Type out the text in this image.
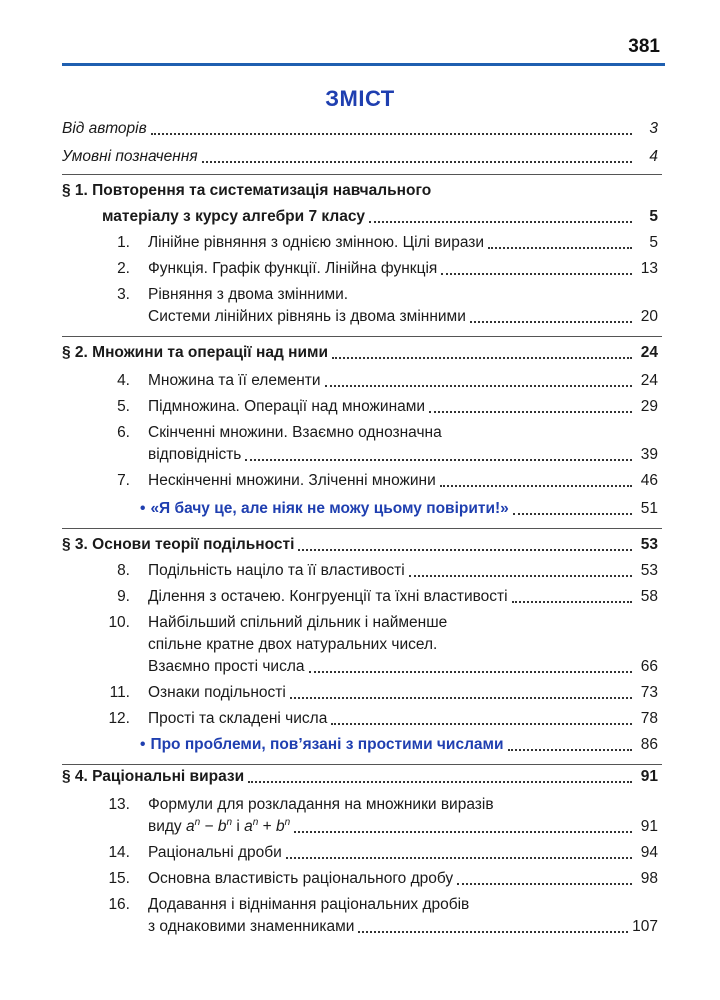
381
ЗМІСТ
Від авторів	3
Умовні позначення	4
§ 1. Повторення та систематизація навчального
матеріалу з курсу алгебри 7 класу	5
1. Лінійне рівняння з однією змінною. Цілі вирази	5
2. Функція. Графік функції. Лінійна функція	13
3. Рівняння з двома змінними.
Системи лінійних рівнянь із двома змінними	20
§ 2. Множини та операції над ними	24
4. Множина та її елементи	24
5. Підмножина. Операції над множинами	29
6. Скінченні множини. Взаємно однозначна
відповідність	39
7. Нескінченні множини. Зліченні множини	46
• «Я бачу це, але ніяк не можу цьому повірити!»	51
§ 3. Основи теорії подільності	53
8. Подільність націло та її властивості	53
9. Ділення з остачею. Конгруенції та їхні властивості	58
10. Найбільший спільний дільник і найменше
спільне кратне двох натуральних чисел.
Взаємно прості числа	66
11. Ознаки подільності	73
12. Прості та складені числа	78
• Про проблеми, пов’язані з простими числами	86
§ 4. Раціональні вирази	91
13. Формули для розкладання на множники виразів
виду $a^n - b^n$ і $a^n + b^n$	91
14. Раціональні дроби	94
15. Основна властивість раціонального дробу	98
16. Додавання і віднімання раціональних дробів
з однаковими знаменниками	107
